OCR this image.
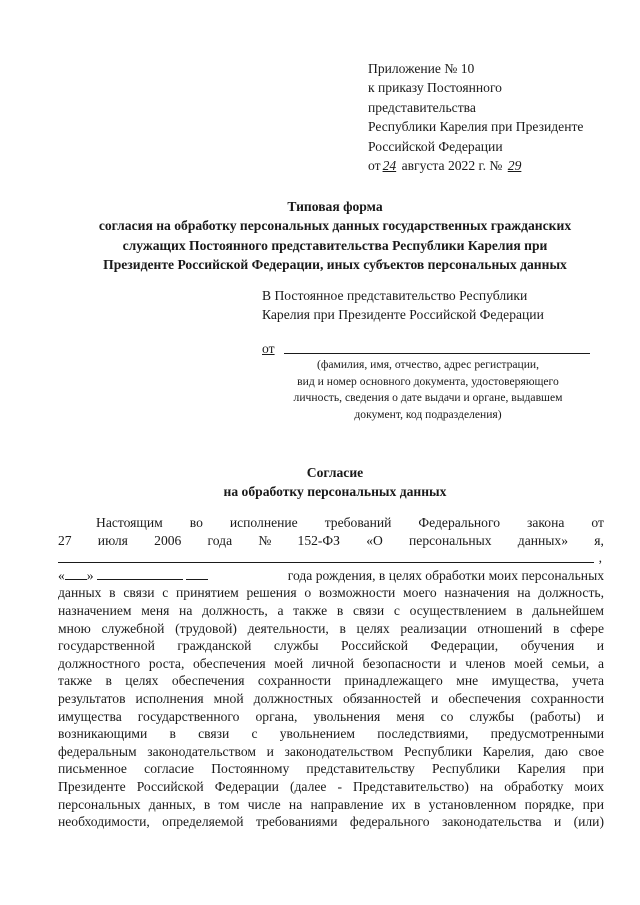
Приложение № 10
к приказу Постоянного
представительства
Республики Карелия при Президенте
Российской Федерации
от 24 августа 2022 г. № 29
Типовая форма
согласия на обработку персональных данных государственных гражданских
служащих Постоянного представительства Республики Карелия при
Президенте Российской Федерации, иных субъектов персональных данных
В Постоянное представительство Республики
Карелия при Президенте Российской Федерации
от
(фамилия, имя, отчество, адрес регистрации,
вид и номер основного документа, удостоверяющего
личность, сведения о дате выдачи и органе, выдавшем
документ, код подразделения)
Согласие
на обработку персональных данных
Настоящим во исполнение требований Федерального закона от
27 июля 2006 года № 152-ФЗ «О персональных данных» я,
,
« »	года рождения, в целях обработки моих персональных
данных в связи с принятием решения о возможности моего назначения на должность,
назначением меня на должность, а также в связи с осуществлением в дальнейшем
мною служебной (трудовой) деятельности, в целях реализации отношений в сфере
государственной гражданской службы Российской Федерации, обучения и
должностного роста, обеспечения моей личной безопасности и членов моей семьи, а
также в целях обеспечения сохранности принадлежащего мне имущества, учета
результатов исполнения мной должностных обязанностей и обеспечения сохранности
имущества государственного органа, увольнения меня со службы (работы) и
возникающими в связи с увольнением последствиями, предусмотренными
федеральным законодательством и законодательством Республики Карелия, даю свое
письменное согласие Постоянному представительству Республики Карелия при
Президенте Российской Федерации (далее - Представительство) на обработку моих
персональных данных, в том числе на направление их в установленном порядке, при
необходимости, определяемой требованиями федерального законодательства и (или)
